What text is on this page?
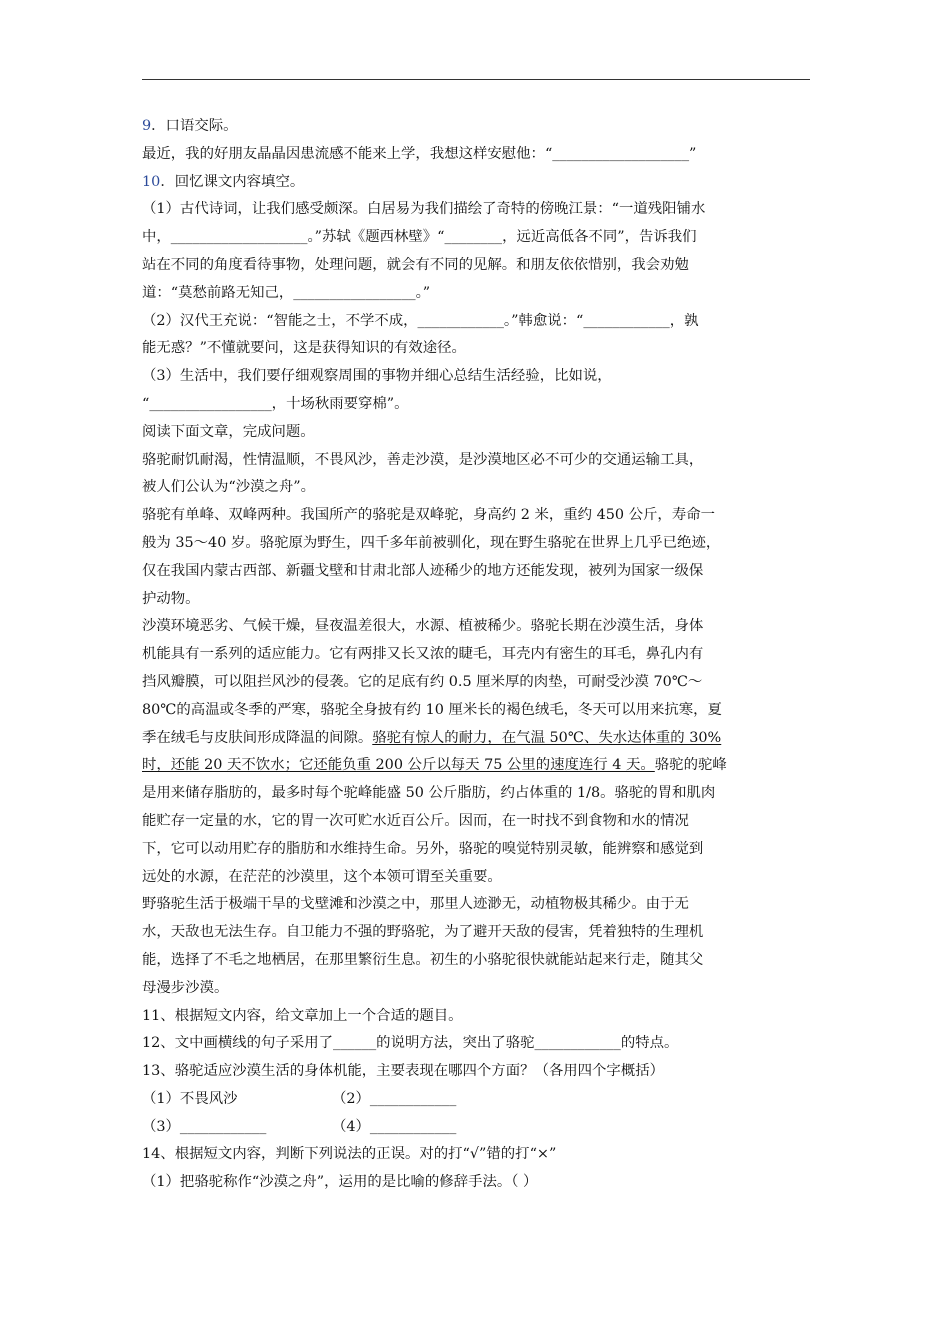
9．口语交际。
最近，我的好朋友晶晶因患流感不能来上学，我想这样安慰他：“___________________”
10．回忆课文内容填空。
（1）古代诗词，让我们感受颇深。白居易为我们描绘了奇特的傍晚江景：“一道残阳铺水
中，___________________。”苏轼《题西林壁》“________，远近高低各不同”，告诉我们
站在不同的角度看待事物，处理问题，就会有不同的见解。和朋友依依惜别，我会劝勉
道：“莫愁前路无知己，_________________。”
（2）汉代王充说：“智能之士，不学不成，____________。”韩愈说：“____________，孰
能无惑？”不懂就要问，这是获得知识的有效途径。
（3）生活中，我们要仔细观察周围的事物并细心总结生活经验，比如说，
“_________________，十场秋雨要穿棉”。
阅读下面文章，完成问题。
骆驼耐饥耐渴，性情温顺，不畏风沙，善走沙漠，是沙漠地区必不可少的交通运输工具，
被人们公认为“沙漠之舟”。
骆驼有单峰、双峰两种。我国所产的骆驼是双峰驼，身高约 2 米，重约 450 公斤，寿命一
般为 35～40 岁。骆驼原为野生，四千多年前被驯化，现在野生骆驼在世界上几乎已绝迹，
仅在我国内蒙古西部、新疆戈壁和甘肃北部人迹稀少的地方还能发现，被列为国家一级保
护动物。
沙漠环境恶劣、气候干燥，昼夜温差很大，水源、植被稀少。骆驼长期在沙漠生活，身体
机能具有一系列的适应能力。它有两排又长又浓的睫毛，耳壳内有密生的耳毛，鼻孔内有
挡风瓣膜，可以阻拦风沙的侵袭。它的足底有约 0.5 厘米厚的肉垫，可耐受沙漠 70℃～
80℃的高温或冬季的严寒，骆驼全身披有约 10 厘米长的褐色绒毛，冬天可以用来抗寒，夏
季在绒毛与皮肤间形成降温的间隙。骆驼有惊人的耐力，在气温 50℃、失水达体重的 30%
时，还能 20 天不饮水；它还能负重 200 公斤以每天 75 公里的速度连行 4 天。骆驼的驼峰
是用来储存脂肪的，最多时每个驼峰能盛 50 公斤脂肪，约占体重的 1/8。骆驼的胃和肌肉
能贮存一定量的水，它的胃一次可贮水近百公斤。因而，在一时找不到食物和水的情况
下，它可以动用贮存的脂肪和水维持生命。另外，骆驼的嗅觉特别灵敏，能辨察和感觉到
远处的水源，在茫茫的沙漠里，这个本领可谓至关重要。
野骆驼生活于极端干旱的戈壁滩和沙漠之中，那里人迹渺无，动植物极其稀少。由于无
水，天敌也无法生存。自卫能力不强的野骆驼，为了避开天敌的侵害，凭着独特的生理机
能，选择了不毛之地栖居，在那里繁衍生息。初生的小骆驼很快就能站起来行走，随其父
母漫步沙漠。
11、根据短文内容，给文章加上一个合适的题目。
12、文中画横线的句子采用了______的说明方法，突出了骆驼____________的特点。
13、骆驼适应沙漠生活的身体机能，主要表现在哪四个方面？（各用四个字概括）
（1）不畏风沙	（2）____________
（3）____________	（4）____________
14、根据短文内容，判断下列说法的正误。对的打“√”错的打“×”
（1）把骆驼称作“沙漠之舟”，运用的是比喻的修辞手法。（ ）
